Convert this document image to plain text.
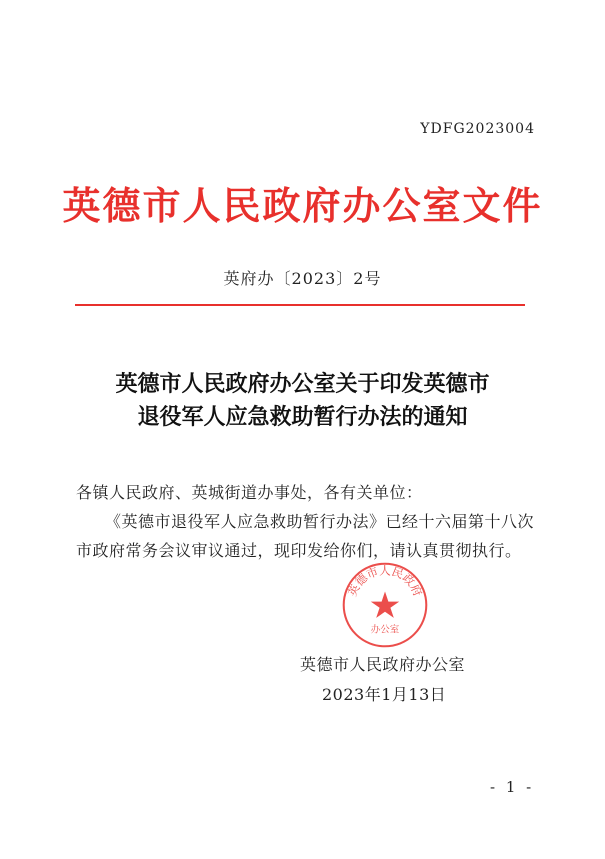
YDFG2023004
英德市人民政府办公室文件
英府办〔2023〕2号
英德市人民政府办公室关于印发英德市
退役军人应急救助暂行办法的通知
各镇人民政府、英城街道办事处，各有关单位：
《英德市退役军人应急救助暂行办法》已经十六届第十八次
市政府常务会议审议通过，现印发给你们，请认真贯彻执行。
英德市人民政府
办公室
英德市人民政府办公室
2023年1月13日
- 1 -
